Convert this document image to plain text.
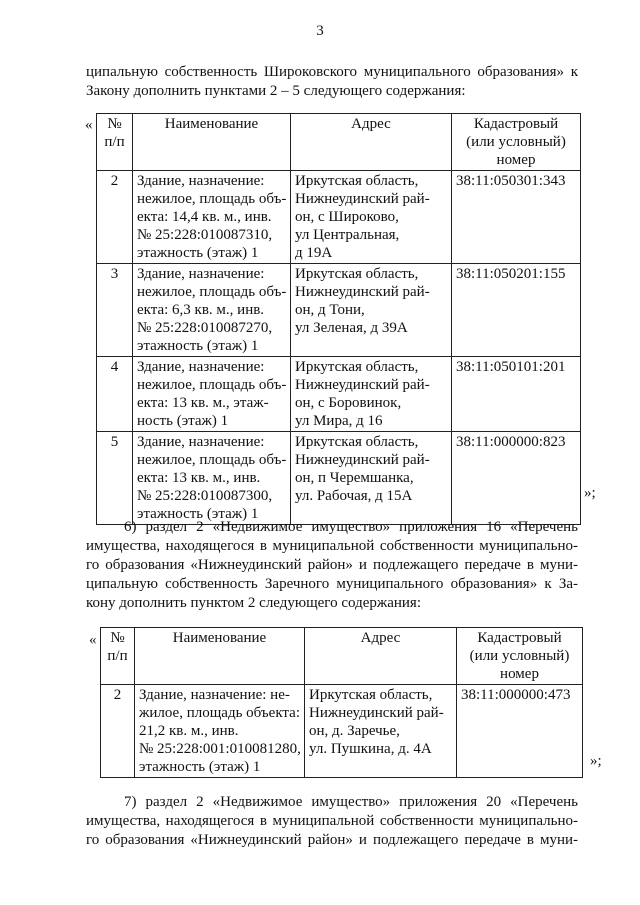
3
ципальную собственность Широковского муниципального образования» к
Закону дополнить пунктами 2 – 5 следующего содержания:
« №
п/п	Наименование	Адрес	Кадастровый
(или условный)
номер

2	Здание, назначение:
нежилое, площадь объ-
екта: 14,4 кв. м., инв.
№ 25:228:010087310,
этажность (этаж) 1	Иркутская область,
Нижнеудинский рай-
он, с Широково,
ул Центральная,
д 19А	38:11:050301:343
3	Здание, назначение:
нежилое, площадь объ-
екта: 6,3 кв. м., инв.
№ 25:228:010087270,
этажность (этаж) 1	Иркутская область,
Нижнеудинский рай-
он, д Тони,
ул Зеленая, д 39А	38:11:050201:155
4	Здание, назначение:
нежилое, площадь объ-
екта: 13 кв. м., этаж-
ность (этаж) 1	Иркутская область,
Нижнеудинский рай-
он, с Боровинок,
ул Мира, д 16	38:11:050101:201
5	Здание, назначение:
нежилое, площадь объ-
екта: 13 кв. м., инв.
№ 25:228:010087300,
этажность (этаж) 1	Иркутская область,
Нижнеудинский рай-
он, п Черемшанка,
ул. Рабочая, д 15А	38:11:000000:823
»;
6) раздел 2 «Недвижимое имущество» приложения 16 «Перечень
имущества, находящегося в муниципальной собственности муниципально-
го образования «Нижнеудинский район» и подлежащего передаче в муни-
ципальную собственность Заречного муниципального образования» к За-
кону дополнить пунктом 2 следующего содержания:
« №
п/п	Наименование	Адрес	Кадастровый
(или условный)
номер

2	Здание, назначение: не-
жилое, площадь объекта:
21,2 кв. м., инв.
№ 25:228:001:010081280,
этажность (этаж) 1	Иркутская область,
Нижнеудинский рай-
он, д. Заречье,
ул. Пушкина, д. 4А	38:11:000000:473
»;
7) раздел 2 «Недвижимое имущество» приложения 20 «Перечень
имущества, находящегося в муниципальной собственности муниципально-
го образования «Нижнеудинский район» и подлежащего передаче в муни-
